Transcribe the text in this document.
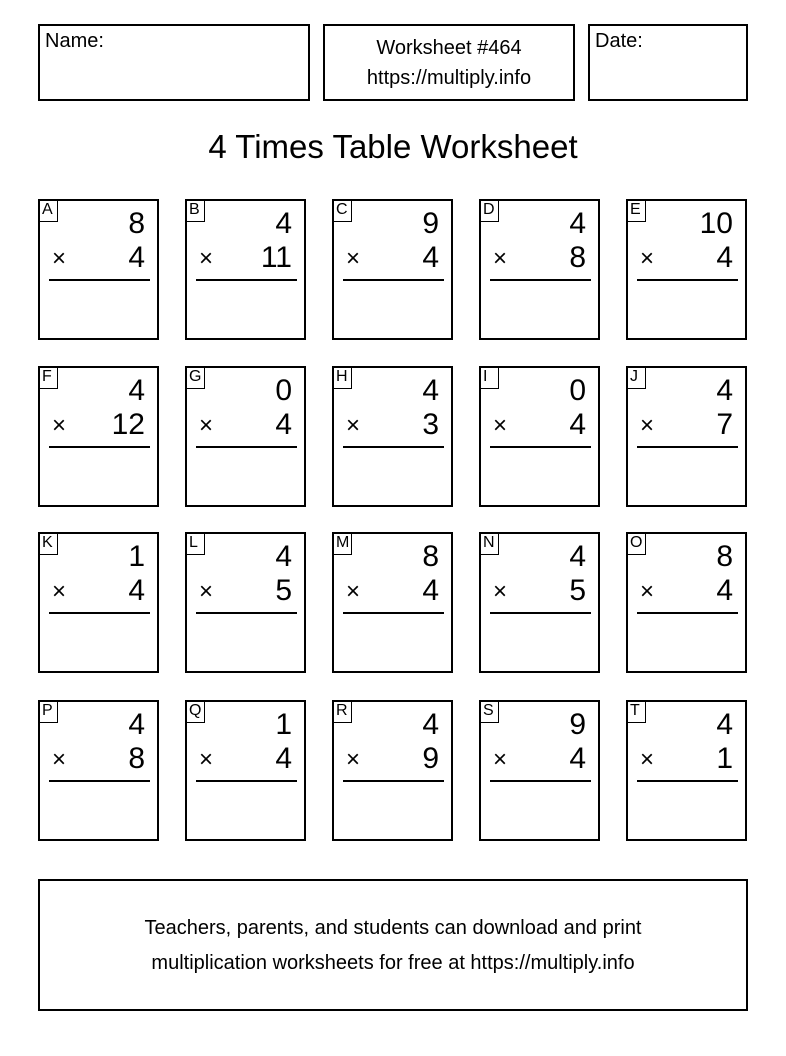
Name:	Worksheet #464
https://multiply.info
Date:
4 Times Table Worksheet
A	8
× 4
B	4
× 11
C 9
× 4
D 4
× 8
E 10
× 4
F	4
× 12
G 0
× 4
H 4
× 3
I	0
× 4
J	4
× 7
K	1
× 4
L	4
× 5
M 8
× 4
N 4
× 5
O 8
× 4
P	4
× 8
Q 1
× 4
R 4
× 9
S	9
× 4
T	4
× 1
Teachers, parents, and students can download and print
multiplication worksheets for free at https://multiply.info
